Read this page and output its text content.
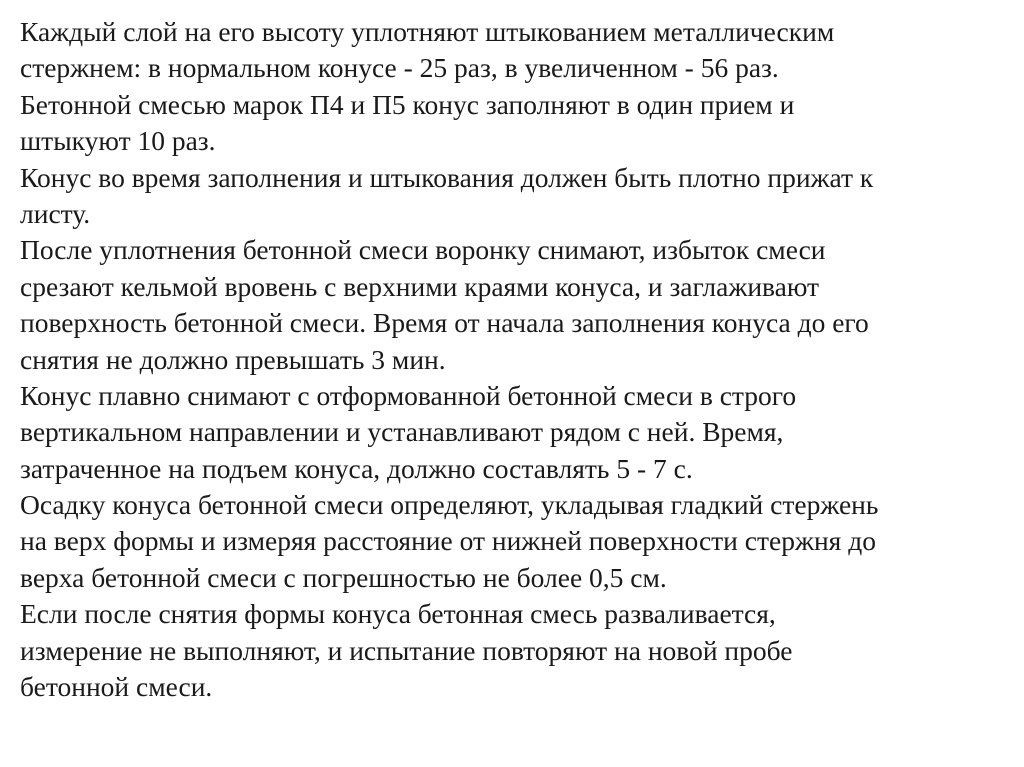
Каждый слой на его высоту уплотняют штыкованием металлическим
стержнем: в нормальном конусе - 25 раз, в увеличенном - 56 раз.
Бетонной смесью марок П4 и П5 конус заполняют в один прием и
штыкуют 10 раз.
Конус во время заполнения и штыкования должен быть плотно прижат к
листу.
После уплотнения бетонной смеси воронку снимают, избыток смеси
срезают кельмой вровень с верхними краями конуса, и заглаживают
поверхность бетонной смеси. Время от начала заполнения конуса до его
снятия не должно превышать 3 мин.
Конус плавно снимают с отформованной бетонной смеси в строго
вертикальном направлении и устанавливают рядом с ней. Время,
затраченное на подъем конуса, должно составлять 5 - 7 с.
Осадку конуса бетонной смеси определяют, укладывая гладкий стержень
на верх формы и измеряя расстояние от нижней поверхности стержня до
верха бетонной смеси с погрешностью не более 0,5 см.
Если после снятия формы конуса бетонная смесь разваливается,
измерение не выполняют, и испытание повторяют на новой пробе
бетонной смеси.
